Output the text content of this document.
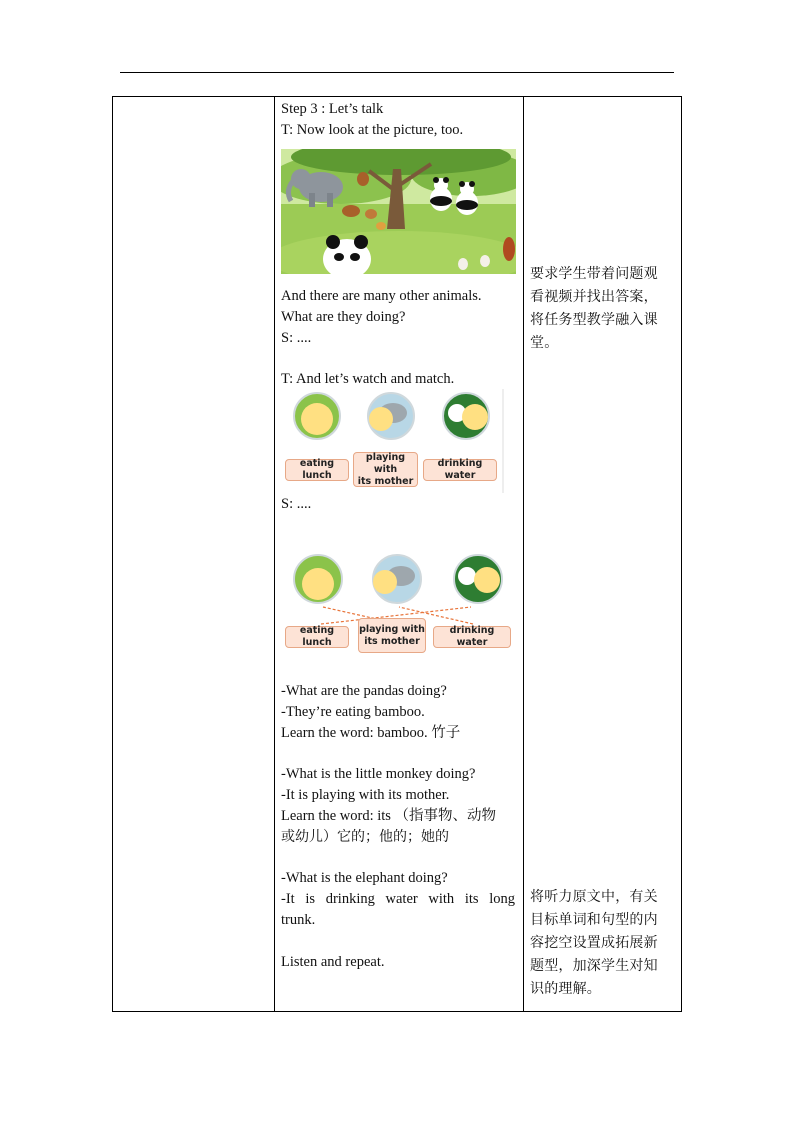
Step 3 : Let’s talk
T: Now look at the picture, too.
And there are many other animals.
What are they doing?
S: ....
T: And let’s watch and match.
eating lunch
playing with
its mother
drinking water
S: ....
eating lunch
playing with
its mother
drinking water
-What are the pandas doing?
-They’re eating bamboo.
Learn the word: bamboo. 竹子
-What is the little monkey doing?
-It is playing with its mother.
Learn the word: its （指事物、动物
或幼儿）它的；他的；她的
-What is the elephant doing?
-It is drinking water with its long
trunk.
Listen and repeat.
要求学生带着问题观
看视频并找出答案，
将任务型教学融入课
堂。
将听力原文中，有关
目标单词和句型的内
容挖空设置成拓展新
题型，加深学生对知
识的理解。
